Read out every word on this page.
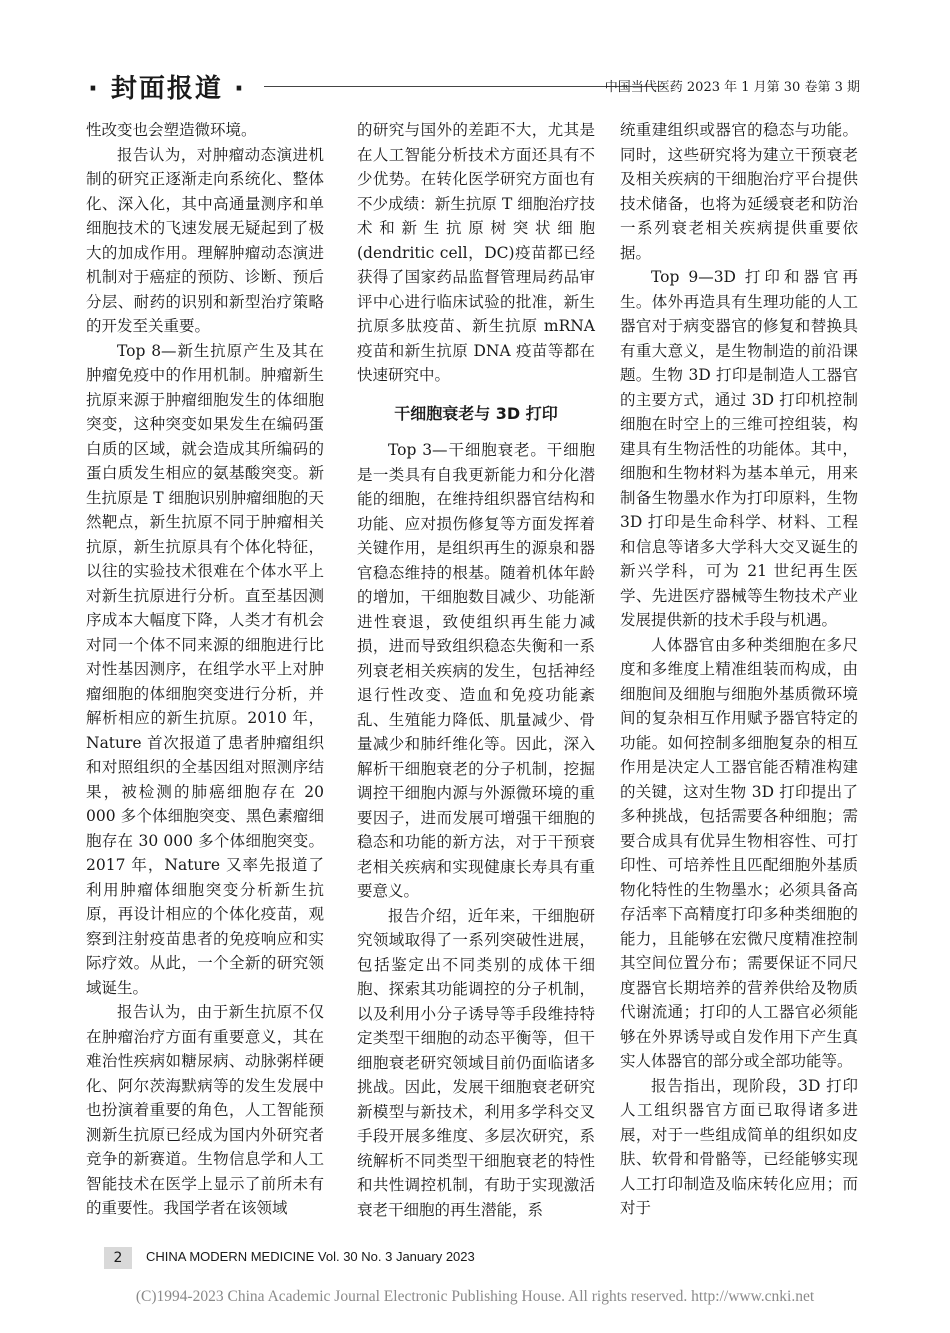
· 封面报道 ·	中国当代医药 2023 年 1 月第 30 卷第 3 期

性改变也会塑造微环境。

报告认为，对肿瘤动态演进机制的研究正逐渐走向系统化、整体化、深入化，其中高通量测序和单细胞技术的飞速发展无疑起到了极大的加成作用。理解肿瘤动态演进机制对于癌症的预防、诊断、预后分层、耐药的识别和新型治疗策略的开发至关重要。

Top 8—新生抗原产生及其在肿瘤免疫中的作用机制。肿瘤新生抗原来源于肿瘤细胞发生的体细胞突变，这种突变如果发生在编码蛋白质的区域，就会造成其所编码的蛋白质发生相应的氨基酸突变。新生抗原是 T 细胞识别肿瘤细胞的天然靶点，新生抗原不同于肿瘤相关抗原，新生抗原具有个体化特征，以往的实验技术很难在个体水平上对新生抗原进行分析。直至基因测序成本大幅度下降，人类才有机会对同一个体不同来源的细胞进行比对性基因测序，在组学水平上对肿瘤细胞的体细胞突变进行分析，并解析相应的新生抗原。2010 年，Nature 首次报道了患者肿瘤组织和对照组织的全基因组对照测序结果，被检测的肺癌细胞存在 20 000 多个体细胞突变、黑色素瘤细胞存在 30 000 多个体细胞突变。2017 年，Nature 又率先报道了利用肿瘤体细胞突变分析新生抗原，再设计相应的个体化疫苗，观察到注射疫苗患者的免疫响应和实际疗效。从此，一个全新的研究领域诞生。

报告认为，由于新生抗原不仅在肿瘤治疗方面有重要意义，其在难治性疾病如糖尿病、动脉粥样硬化、阿尔茨海默病等的发生发展中也扮演着重要的角色，人工智能预测新生抗原已经成为国内外研究者竞争的新赛道。生物信息学和人工智能技术在医学上显示了前所未有的重要性。我国学者在该领域

的研究与国外的差距不大，尤其是在人工智能分析技术方面还具有不少优势。在转化医学研究方面也有不少成绩：新生抗原 T 细胞治疗技术和新生抗原树突状细胞(dendritic cell，DC)疫苗都已经获得了国家药品监督管理局药品审评中心进行临床试验的批准，新生抗原多肽疫苗、新生抗原 mRNA 疫苗和新生抗原 DNA 疫苗等都在快速研究中。

干细胞衰老与 3D 打印

Top 3—干细胞衰老。干细胞是一类具有自我更新能力和分化潜能的细胞，在维持组织器官结构和功能、应对损伤修复等方面发挥着关键作用，是组织再生的源泉和器官稳态维持的根基。随着机体年龄的增加，干细胞数目减少、功能渐进性衰退，致使组织再生能力减损，进而导致组织稳态失衡和一系列衰老相关疾病的发生，包括神经退行性改变、造血和免疫功能紊乱、生殖能力降低、肌量减少、骨量减少和肺纤维化等。因此，深入解析干细胞衰老的分子机制，挖掘调控干细胞内源与外源微环境的重要因子，进而发展可增强干细胞的稳态和功能的新方法，对于干预衰老相关疾病和实现健康长寿具有重要意义。

报告介绍，近年来，干细胞研究领域取得了一系列突破性进展，包括鉴定出不同类别的成体干细胞、探索其功能调控的分子机制，以及利用小分子诱导等手段维持特定类型干细胞的动态平衡等，但干细胞衰老研究领域目前仍面临诸多挑战。因此，发展干细胞衰老研究新模型与新技术，利用多学科交叉手段开展多维度、多层次研究，系统解析不同类型干细胞衰老的特性和共性调控机制，有助于实现激活衰老干细胞的再生潜能，系

统重建组织或器官的稳态与功能。同时，这些研究将为建立干预衰老及相关疾病的干细胞治疗平台提供技术储备，也将为延缓衰老和防治一系列衰老相关疾病提供重要依据。

Top 9—3D 打印和器官再生。体外再造具有生理功能的人工器官对于病变器官的修复和替换具有重大意义，是生物制造的前沿课题。生物 3D 打印是制造人工器官的主要方式，通过 3D 打印机控制细胞在时空上的三维可控组装，构建具有生物活性的功能体。其中，细胞和生物材料为基本单元，用来制备生物墨水作为打印原料，生物 3D 打印是生命科学、材料、工程和信息等诸多大学科大交叉诞生的新兴学科，可为 21 世纪再生医学、先进医疗器械等生物技术产业发展提供新的技术手段与机遇。

人体器官由多种类细胞在多尺度和多维度上精准组装而构成，由细胞间及细胞与细胞外基质微环境间的复杂相互作用赋予器官特定的功能。如何控制多细胞复杂的相互作用是决定人工器官能否精准构建的关键，这对生物 3D 打印提出了多种挑战，包括需要各种细胞；需要合成具有优异生物相容性、可打印性、可培养性且匹配细胞外基质物化特性的生物墨水；必须具备高存活率下高精度打印多种类细胞的能力，且能够在宏微尺度精准控制其空间位置分布；需要保证不同尺度器官长期培养的营养供给及物质代谢流通；打印的人工器官必须能够在外界诱导或自发作用下产生真实人体器官的部分或全部功能等。

报告指出，现阶段，3D 打印人工组织器官方面已取得诸多进展，对于一些组成简单的组织如皮肤、软骨和骨骼等，已经能够实现人工打印制造及临床转化应用；而对于

2	CHINA MODERN MEDICINE Vol. 30 No. 3 January 2023
(C)1994-2023 China Academic Journal Electronic Publishing House. All rights reserved. http://www.cnki.net
